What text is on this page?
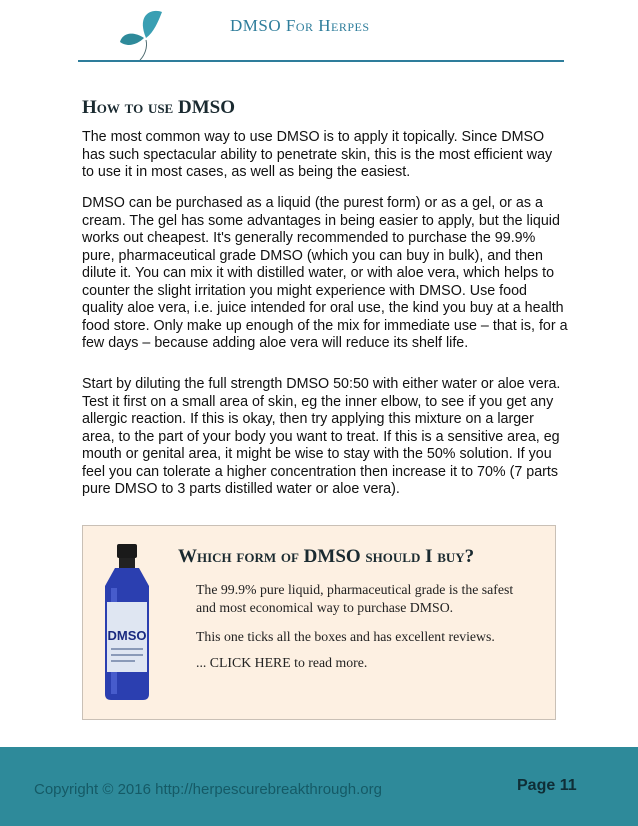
DMSO For Herpes
How to use DMSO

The most common way to use DMSO is to apply it topically. Since DMSO has such spectacular ability to penetrate skin, this is the most efficient way to use it in most cases, as well as being the easiest.

DMSO can be purchased as a liquid (the purest form) or as a gel, or as a cream. The gel has some advantages in being easier to apply, but the liquid works out cheapest. It's generally recommended to purchase the 99.9% pure, pharmaceutical grade DMSO (which you can buy in bulk), and then dilute it. You can mix it with distilled water, or with aloe vera, which helps to counter the slight irritation you might experience with DMSO. Use food quality aloe vera, i.e. juice intended for oral use, the kind you buy at a health food store. Only make up enough of the mix for immediate use – that is, for a few days – because adding aloe vera will reduce its shelf life.

Start by diluting the full strength DMSO 50:50 with either water or aloe vera. Test it first on a small area of skin, eg the inner elbow, to see if you get any allergic reaction. If this is okay, then try applying this mixture on a larger area, to the part of your body you want to treat. If this is a sensitive area, eg mouth or genital area, it might be wise to stay with the 50% solution. If you feel you can tolerate a higher concentration then increase it to 70% (7 parts pure DMSO to 3 parts distilled water or aloe vera).

DMSO
Which form of DMSO should I buy?

The 99.9% pure liquid, pharmaceutical grade is the safest and most economical way to purchase DMSO.

This one ticks all the boxes and has excellent reviews.

... CLICK HERE to read more.

Copyright © 2016 http://herpescurebreakthrough.org	Page 11
